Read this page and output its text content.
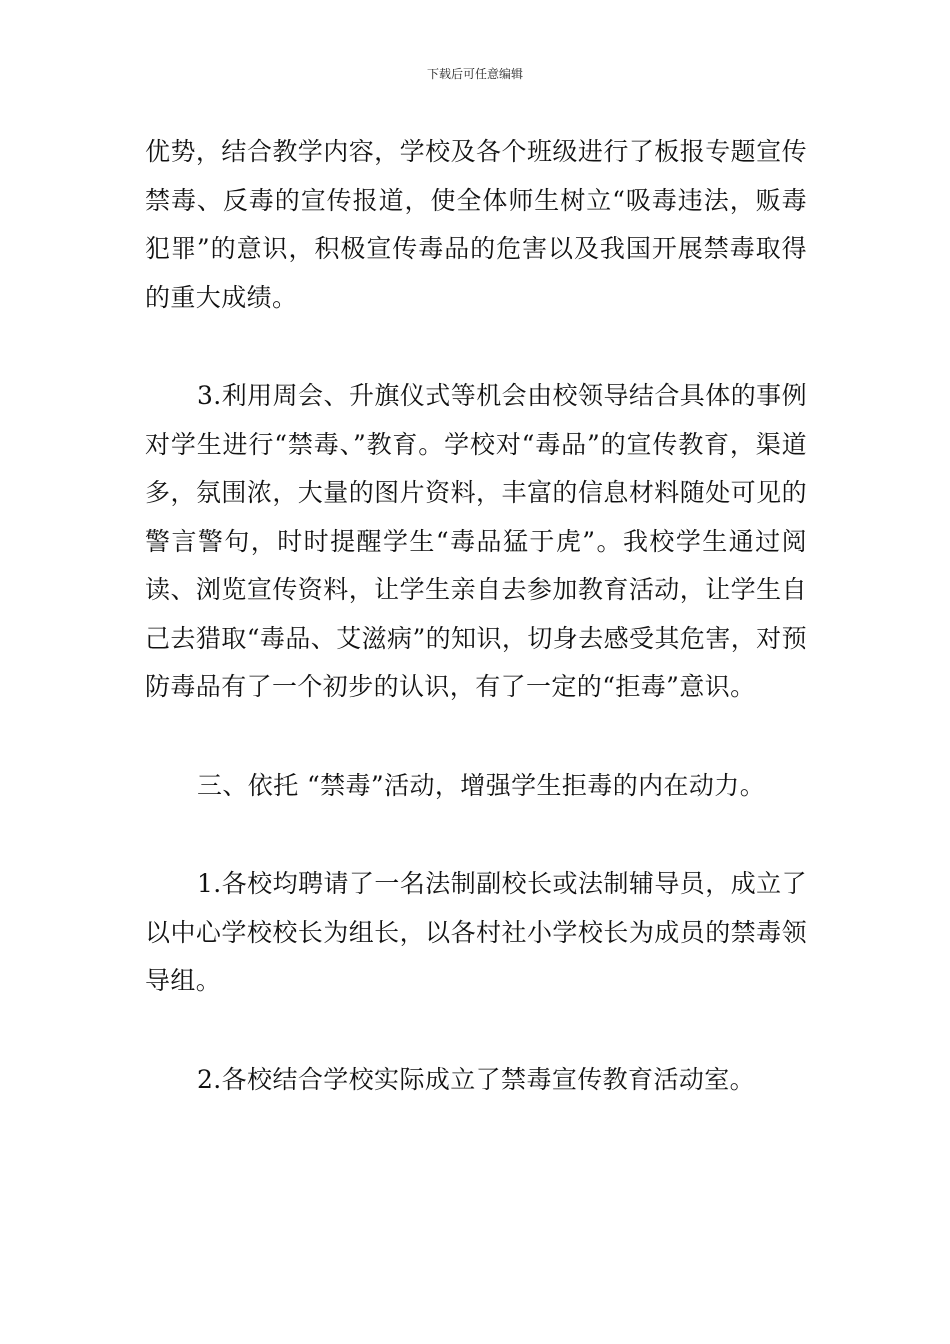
下载后可任意编辑

优势，结合教学内容，学校及各个班级进行了板报专题宣传禁毒、反毒的宣传报道，使全体师生树立“吸毒违法，贩毒犯罪”的意识，积极宣传毒品的危害以及我国开展禁毒取得的重大成绩。

3.利用周会、升旗仪式等机会由校领导结合具体的事例对学生进行“禁毒、”教育。学校对“毒品”的宣传教育，渠道多，氛围浓，大量的图片资料，丰富的信息材料随处可见的警言警句，时时提醒学生“毒品猛于虎”。我校学生通过阅读、浏览宣传资料，让学生亲自去参加教育活动，让学生自己去猎取“毒品、艾滋病”的知识，切身去感受其危害，对预防毒品有了一个初步的认识，有了一定的“拒毒”意识。

三、依托 “禁毒”活动，增强学生拒毒的内在动力。

1.各校均聘请了一名法制副校长或法制辅导员，成立了以中心学校校长为组长，以各村社小学校长为成员的禁毒领导组。

2.各校结合学校实际成立了禁毒宣传教育活动室。
